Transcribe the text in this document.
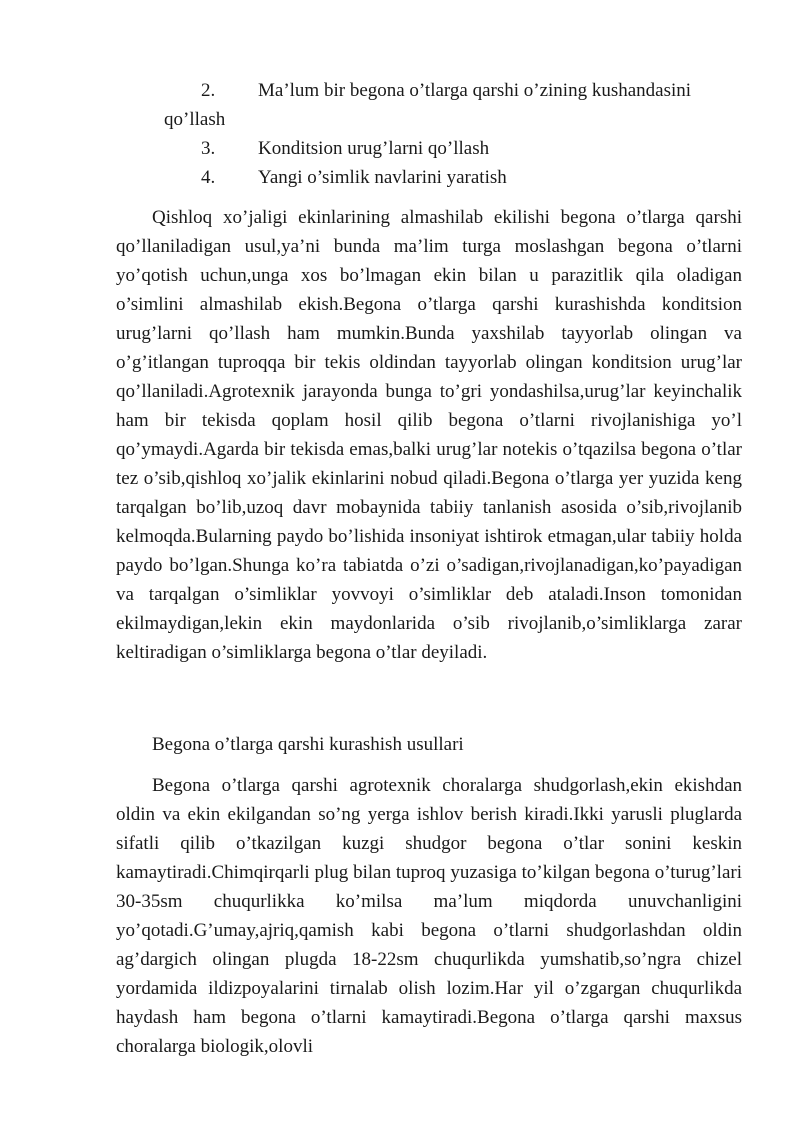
2. Ma’lum bir begona o’tlarga qarshi o’zining kushandasini
qo’llash
3. Konditsion urug’larni qo’llash
4. Yangi o’simlik navlarini yaratish

Qishloq xo’jaligi ekinlarining almashilab ekilishi begona o’tlarga qarshi qo’llaniladigan usul,ya’ni bunda ma’lim turga moslashgan begona o’tlarni yo’qotish uchun,unga xos bo’lmagan ekin bilan u parazitlik qila oladigan o’simlini almashilab ekish.Begona o’tlarga qarshi kurashishda konditsion urug’larni qo’llash ham mumkin.Bunda yaxshilab tayyorlab olingan va o’g’itlangan tuproqqa bir tekis oldindan tayyorlab olingan konditsion urug’lar qo’llaniladi.Agrotexnik jarayonda bunga to’gri yondashilsa,urug’lar keyinchalik ham bir tekisda qoplam hosil qilib begona o’tlarni rivojlanishiga yo’l qo’ymaydi.Agarda bir tekisda emas,balki urug’lar notekis o’tqazilsa begona o’tlar tez o’sib,qishloq xo’jalik ekinlarini nobud qiladi.Begona o’tlarga yer yuzida keng tarqalgan bo’lib,uzoq davr mobaynida tabiiy tanlanish asosida o’sib,rivojlanib kelmoqda.Bularning paydo bo’lishida insoniyat ishtirok etmagan,ular tabiiy holda paydo bo’lgan.Shunga ko’ra tabiatda o’zi o’sadigan,rivojlanadigan,ko’payadigan va tarqalgan o’simliklar yovvoyi o’simliklar deb ataladi.Inson tomonidan ekilmaydigan,lekin ekin maydonlarida o’sib rivojlanib,o’simliklarga zarar keltiradigan o’simliklarga begona o’tlar deyiladi.

Begona o’tlarga qarshi kurashish usullari

Begona o’tlarga qarshi agrotexnik choralarga shudgorlash,ekin ekishdan oldin va ekin ekilgandan so’ng yerga ishlov berish kiradi.Ikki yarusli pluglarda sifatli qilib o’tkazilgan kuzgi shudgor begona o’tlar sonini keskin kamaytiradi.Chimqirqarli plug bilan tuproq yuzasiga to’kilgan begona o’turug’lari 30-35sm chuqurlikka ko’milsa ma’lum miqdorda unuvchanligini yo’qotadi.G’umay,ajriq,qamish kabi begona o’tlarni shudgorlashdan oldin ag’dargich olingan plugda 18-22sm chuqurlikda yumshatib,so’ngra chizel yordamida ildizpoyalarini tirnalab olish lozim.Har yil o’zgargan chuqurlikda haydash ham begona o’tlarni kamaytiradi.Begona o’tlarga qarshi maxsus choralarga biologik,olovli
